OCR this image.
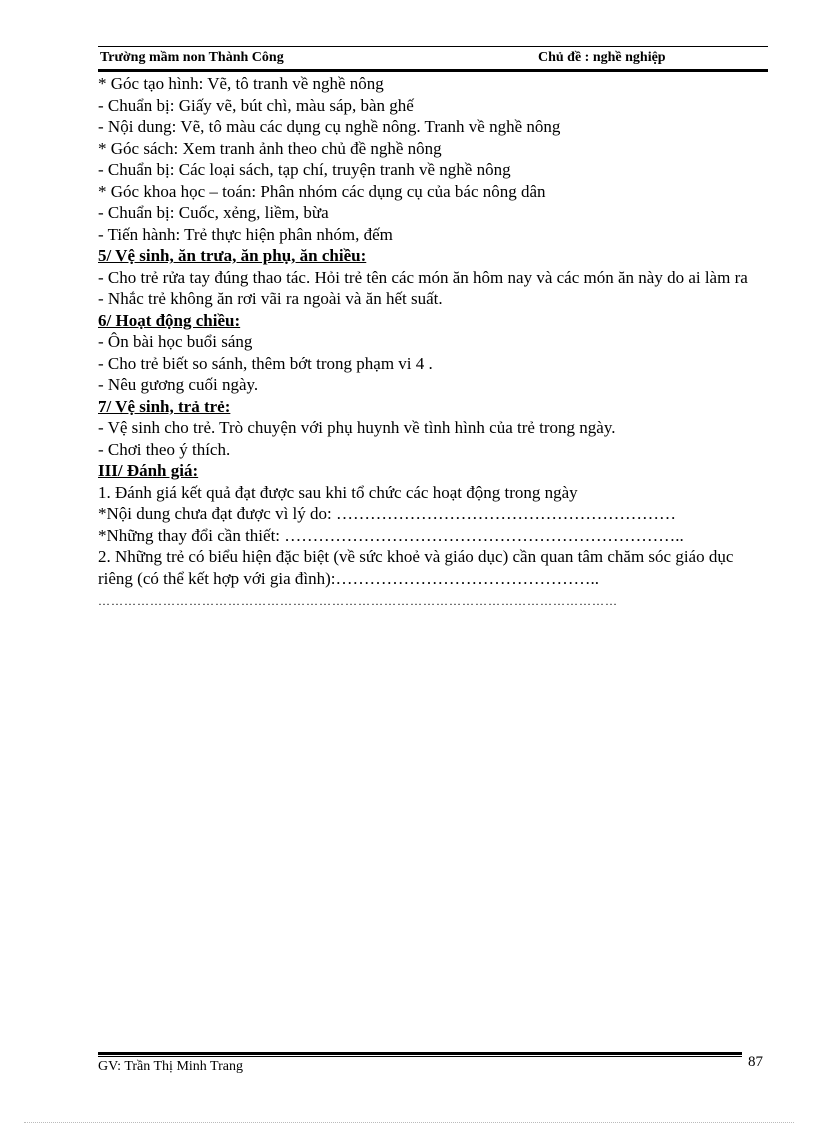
Trường mầm non Thành Công	Chủ đề : nghề nghiệp
* Góc tạo hình: Vẽ, tô tranh về nghề nông
- Chuẩn bị: Giấy vẽ, bút chì, màu sáp, bàn ghế
- Nội dung: Vẽ, tô màu các dụng cụ nghề nông. Tranh về nghề nông
* Góc sách: Xem tranh ảnh theo chủ đề nghề nông
- Chuẩn bị: Các loại sách, tạp chí, truyện tranh về nghề nông
* Góc khoa học – toán: Phân nhóm các dụng cụ của bác nông dân
- Chuẩn bị: Cuốc, xẻng, liềm, bừa
- Tiến hành: Trẻ thực hiện phân nhóm, đếm
5/ Vệ sinh, ăn trưa, ăn phụ, ăn chiều:
- Cho trẻ rửa tay đúng thao tác. Hỏi trẻ tên các món ăn hôm nay và các món ăn này do ai làm ra
- Nhắc trẻ không ăn rơi vãi ra ngoài và ăn hết suất.
6/ Hoạt động chiều:
- Ôn bài học buổi sáng
- Cho trẻ biết so sánh, thêm bớt trong phạm vi 4 .
- Nêu gương cuối ngày.
7/ Vệ sinh, trả trẻ:
- Vệ sinh cho trẻ. Trò chuyện với phụ huynh về tình hình của trẻ trong ngày.
- Chơi theo ý thích.
III/ Đánh giá:
1. Đánh giá kết quả đạt được sau khi tổ chức các hoạt động trong ngày
*Nội dung chưa đạt được vì lý do: ……………………………………………………
*Những thay đổi cần thiết: ……………………………………………………………..
2. Những trẻ có biểu hiện đặc biệt (về sức khoẻ và giáo dục) cần quan tâm chăm sóc giáo dục riêng (có thể kết hợp với gia đình):………………………………………..
…………………………………………………………………………………………………………
GV: Trần Thị Minh Trang	87
